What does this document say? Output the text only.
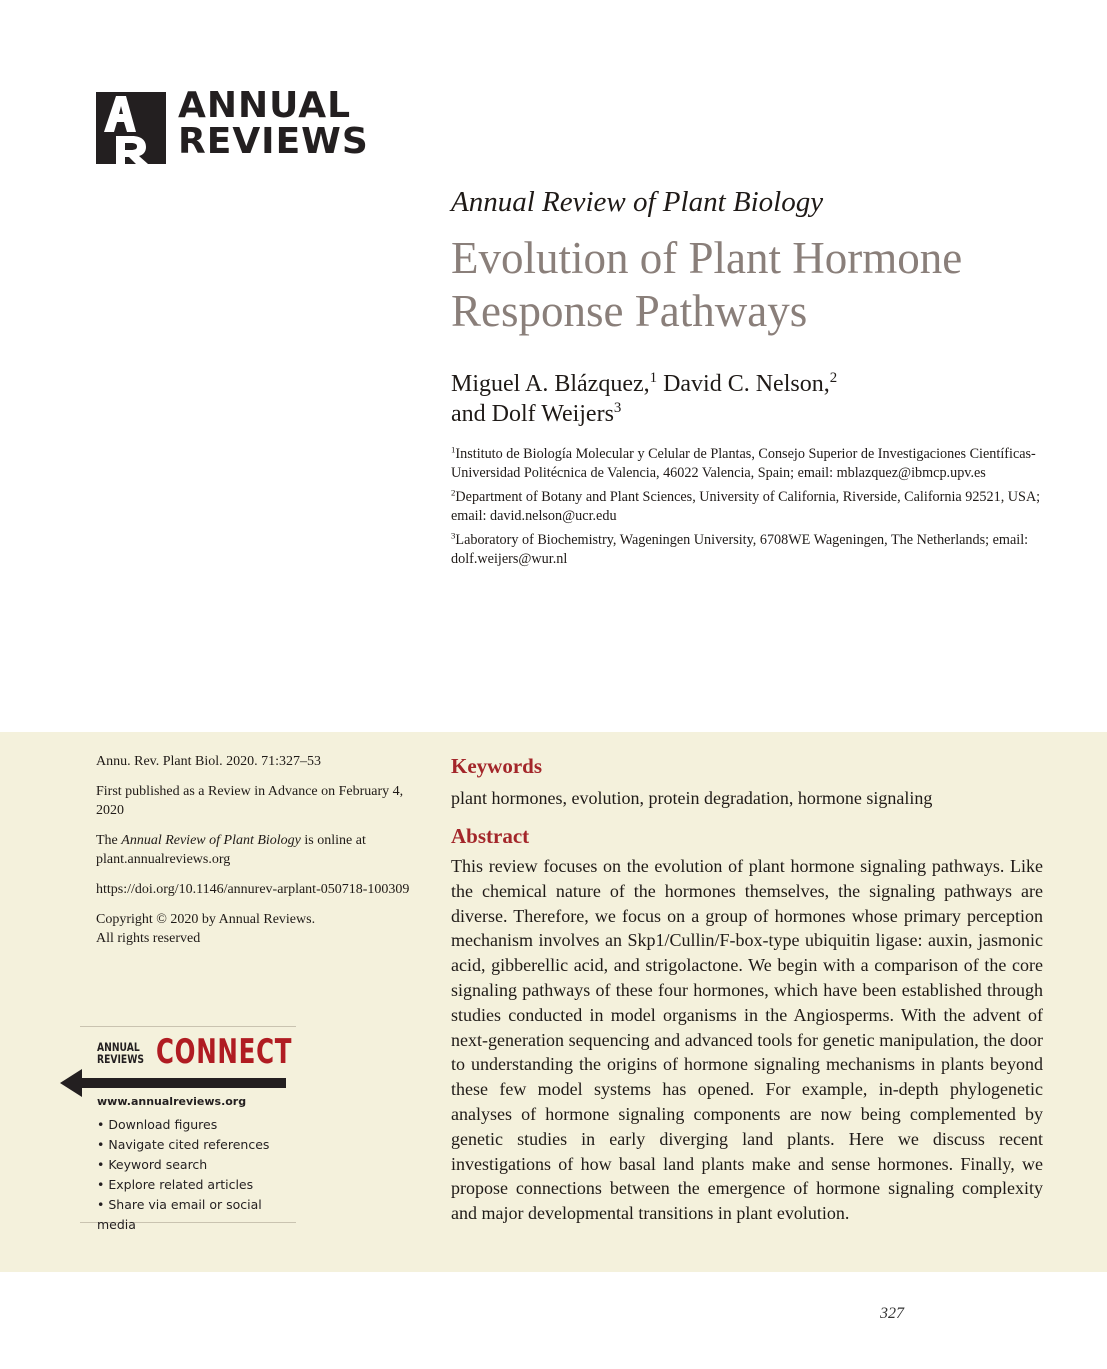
ANNUAL
REVIEWS
Annual Review of Plant Biology
Evolution of Plant Hormone Response Pathways
Miguel A. Blázquez,$^1$ David C. Nelson,$^2$
and Dolf Weijers$^3$
$^1$Instituto de Biología Molecular y Celular de Plantas, Consejo Superior de Investigaciones Científicas-Universidad Politécnica de Valencia, 46022 Valencia, Spain; email: mblazquez@ibmcp.upv.es
$^2$Department of Botany and Plant Sciences, University of California, Riverside, California 92521, USA; email: david.nelson@ucr.edu
$^3$Laboratory of Biochemistry, Wageningen University, 6708WE Wageningen, The Netherlands; email: dolf.weijers@wur.nl

Annu. Rev. Plant Biol. 2020. 71:327–53

First published as a Review in Advance on February 4, 2020

The Annual Review of Plant Biology is online at plant.annualreviews.org

https://doi.org/10.1146/annurev-arplant-050718-100309

Copyright © 2020 by Annual Reviews.
All rights reserved

ANNUAL
REVIEWS CONNECT
www.annualreviews.org
• Download figures
• Navigate cited references
• Keyword search
• Explore related articles
• Share via email or social media
Keywords

plant hormones, evolution, protein degradation, hormone signaling

Abstract

This review focuses on the evolution of plant hormone signaling pathways. Like the chemical nature of the hormones themselves, the signaling pathways are diverse. Therefore, we focus on a group of hormones whose primary perception mechanism involves an Skp1/Cullin/F-box-type ubiquitin ligase: auxin, jasmonic acid, gibberellic acid, and strigolactone. We begin with a comparison of the core signaling pathways of these four hormones, which have been established through studies conducted in model organisms in the Angiosperms. With the advent of next-generation sequencing and advanced tools for genetic manipulation, the door to understanding the origins of hormone signaling mechanisms in plants beyond these few model systems has opened. For example, in-depth phylogenetic analyses of hormone signaling components are now being complemented by genetic studies in early diverging land plants. Here we discuss recent investigations of how basal land plants make and sense hormones. Finally, we propose connections between the emergence of hormone signaling complexity and major developmental transitions in plant evolution.

327
